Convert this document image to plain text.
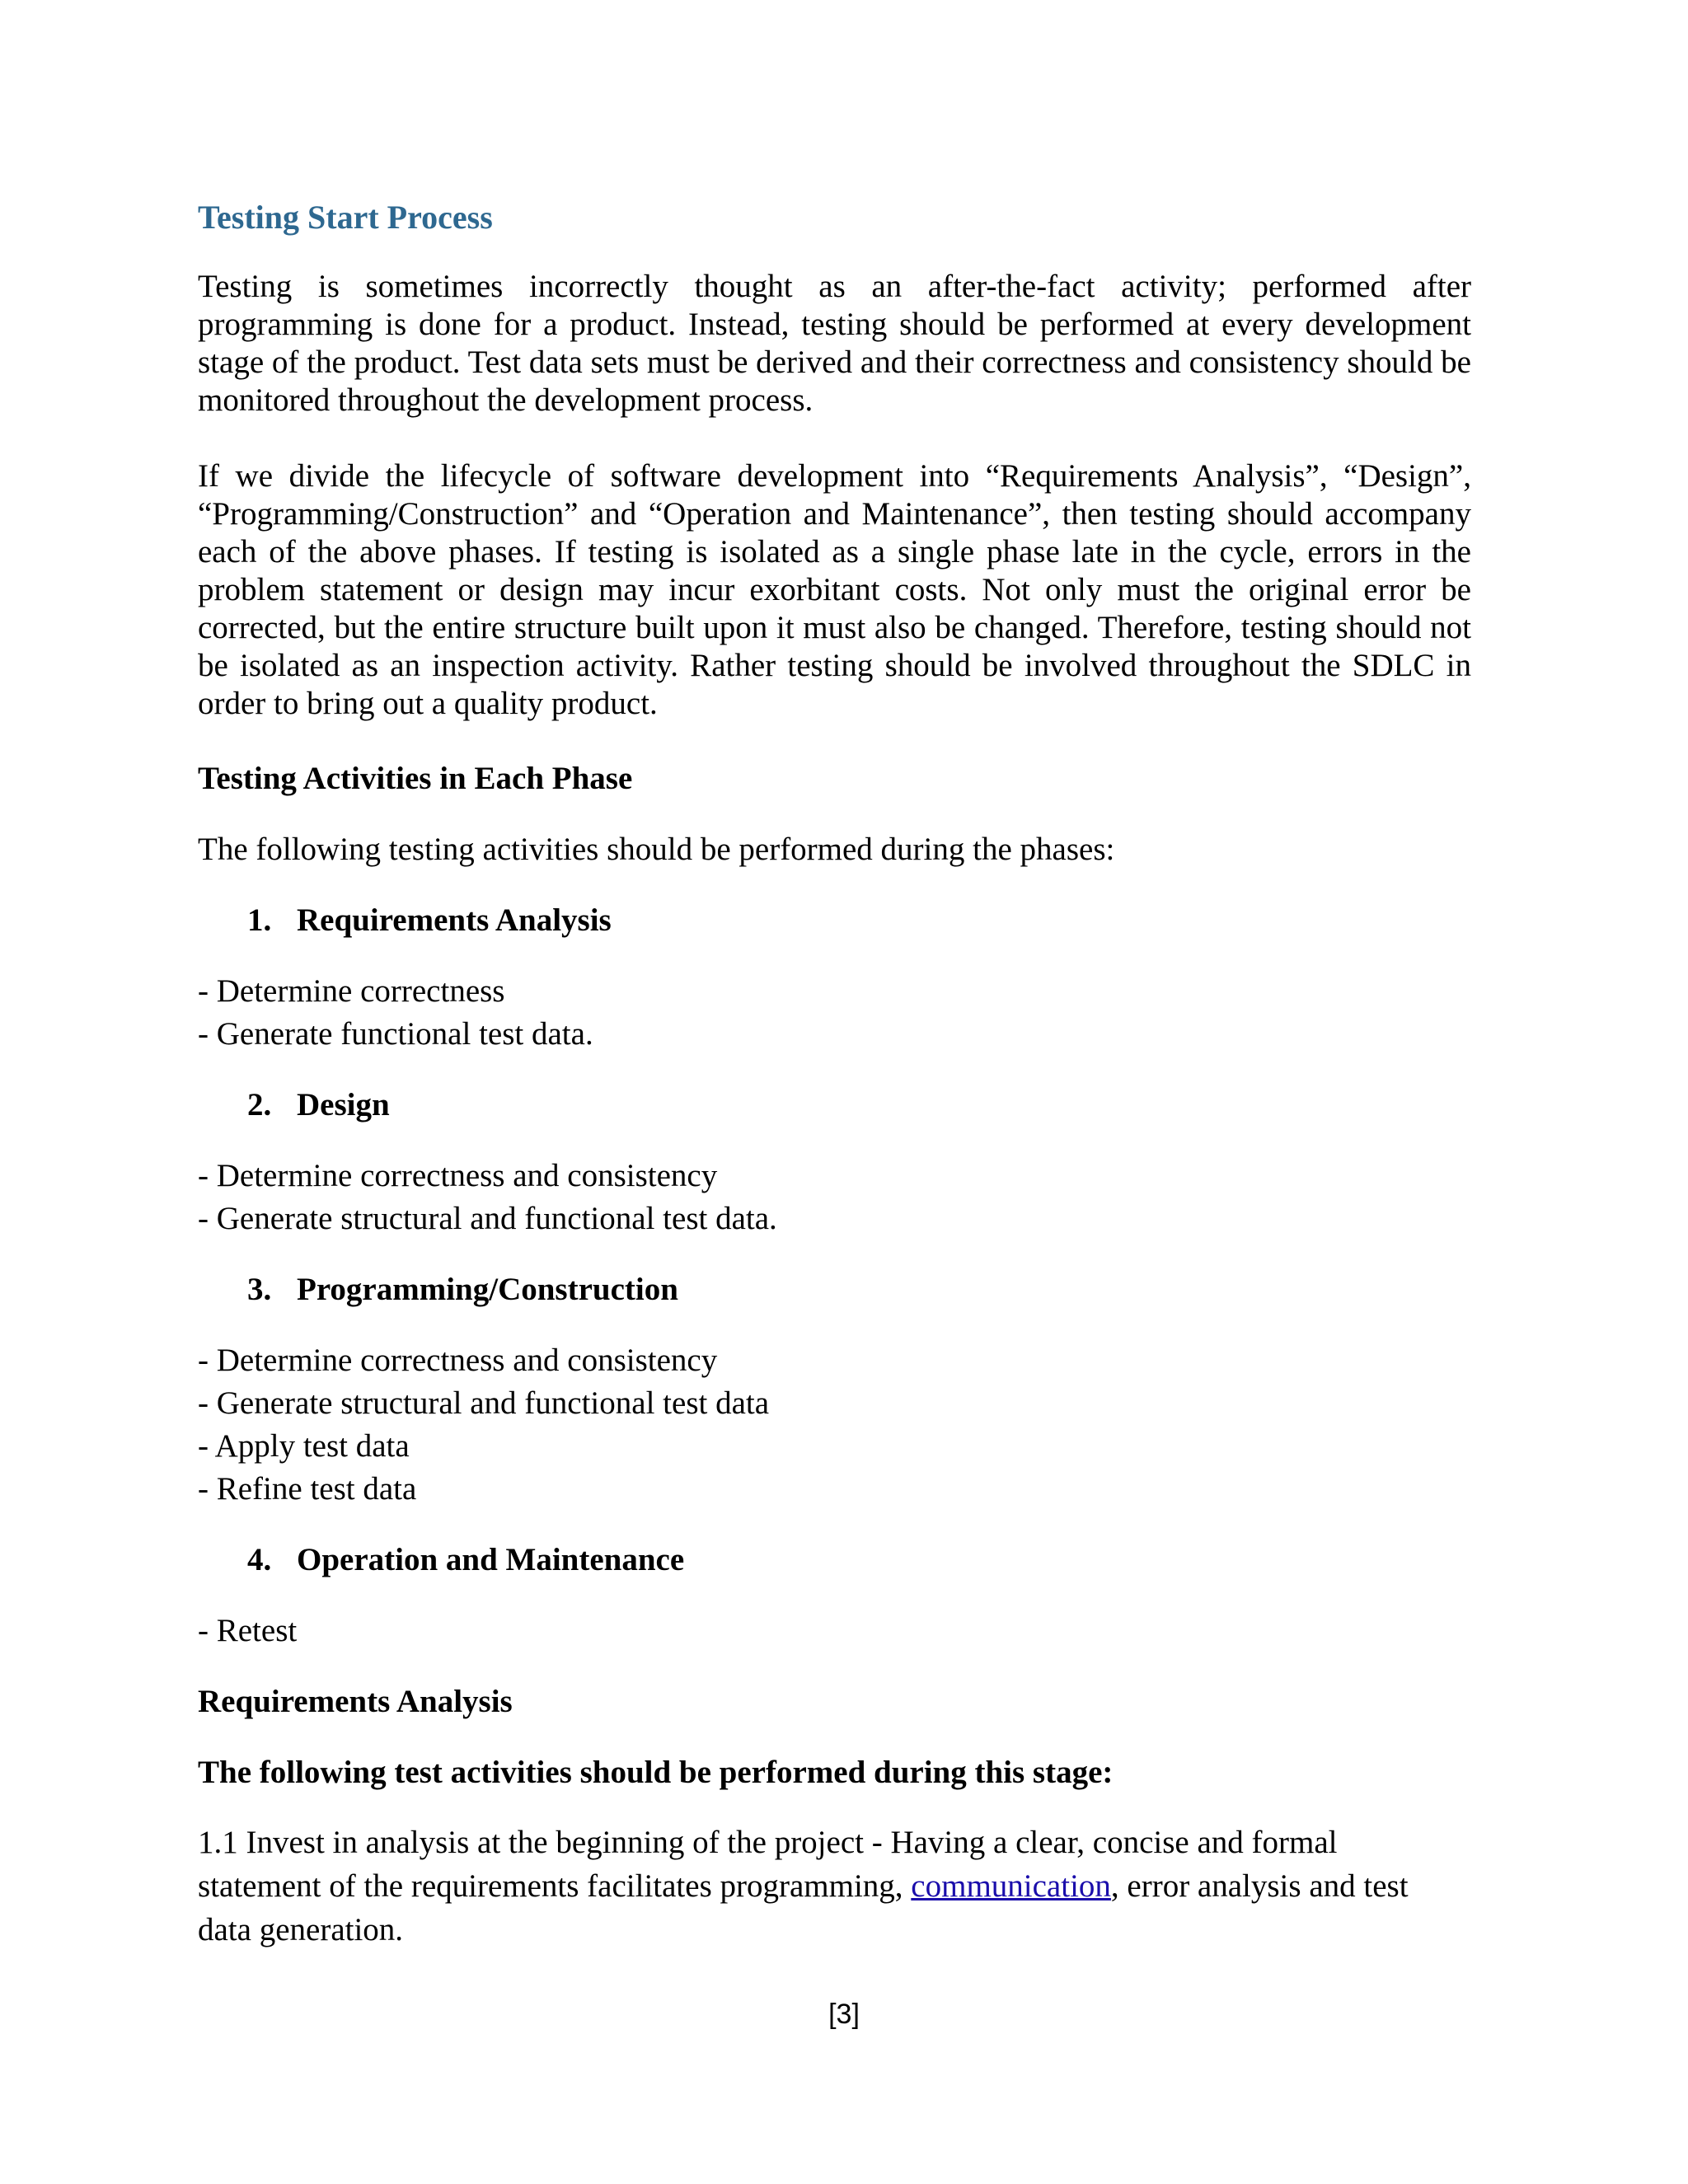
Testing Start Process

Testing is sometimes incorrectly thought as an after-the-fact activity; performed after programming is done for a product. Instead, testing should be performed at every development stage of the product. Test data sets must be derived and their correctness and consistency should be monitored throughout the development process.

If we divide the lifecycle of software development into “Requirements Analysis”, “Design”, “Programming/Construction” and “Operation and Maintenance”, then testing should accompany each of the above phases. If testing is isolated as a single phase late in the cycle, errors in the problem statement or design may incur exorbitant costs. Not only must the original error be corrected, but the entire structure built upon it must also be changed. Therefore, testing should not be isolated as an inspection activity. Rather testing should be involved throughout the SDLC in order to bring out a quality product.

Testing Activities in Each Phase

The following testing activities should be performed during the phases:

1. Requirements Analysis

- Determine correctness

- Generate functional test data.

2. Design

- Determine correctness and consistency

- Generate structural and functional test data.

3. Programming/Construction

- Determine correctness and consistency

- Generate structural and functional test data

- Apply test data

- Refine test data

4. Operation and Maintenance

- Retest

Requirements Analysis
The following test activities should be performed during this stage:

1.1 Invest in analysis at the beginning of the project - Having a clear, concise and formal

statement of the requirements facilitates programming, communication, error analysis and test

data generation.

[3]
